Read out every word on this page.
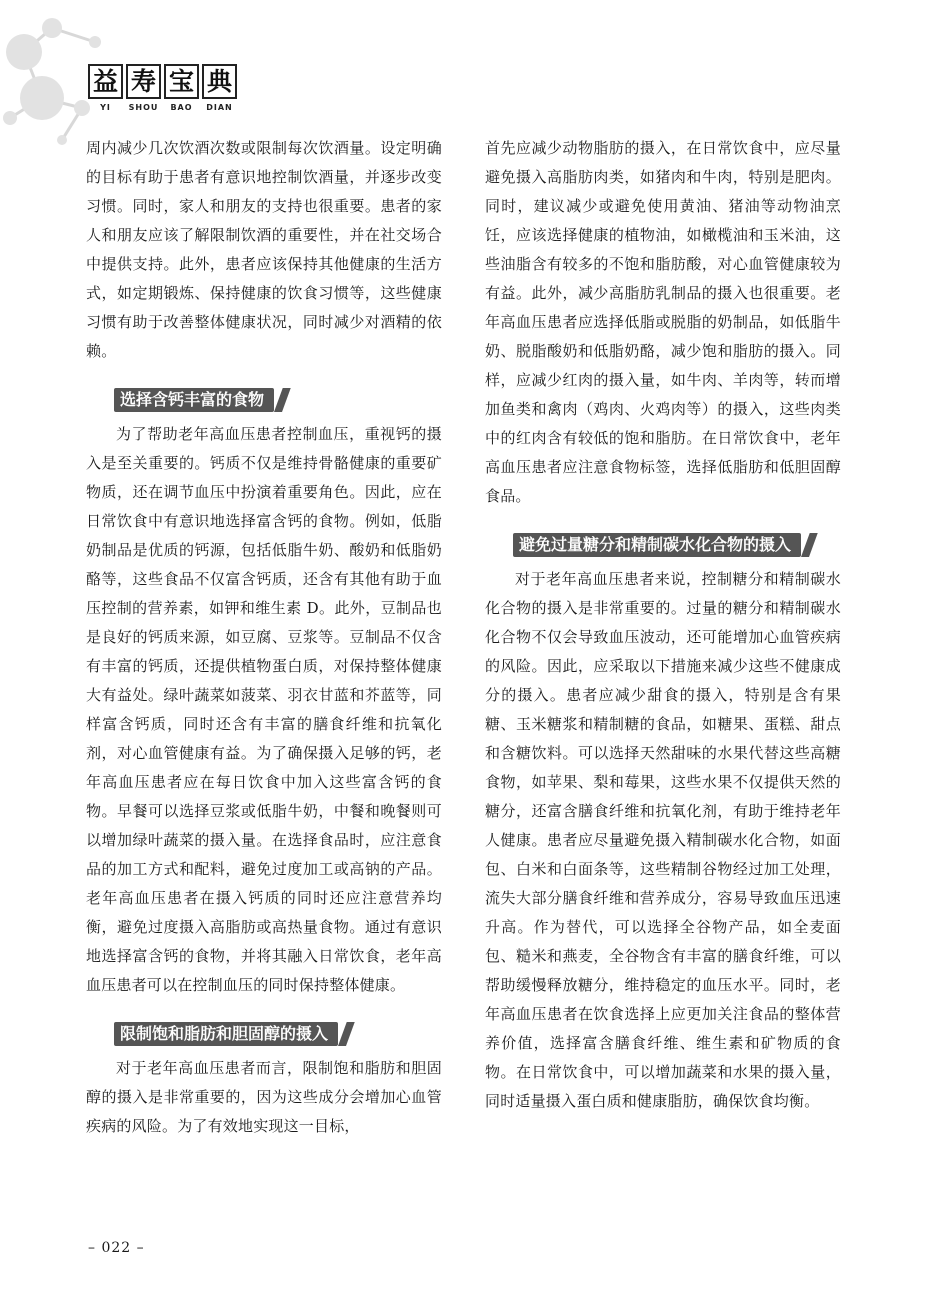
益 寿 宝 典
YI	SHOU	BAO	DIAN

周内减少几次饮酒次数或限制每次饮酒量。设定明确的目标有助于患者有意识地控制饮酒量，并逐步改变习惯。同时，家人和朋友的支持也很重要。患者的家人和朋友应该了解限制饮酒的重要性，并在社交场合中提供支持。此外，患者应该保持其他健康的生活方式，如定期锻炼、保持健康的饮食习惯等，这些健康习惯有助于改善整体健康状况，同时减少对酒精的依赖。

选择含钙丰富的食物

为了帮助老年高血压患者控制血压，重视钙的摄入是至关重要的。钙质不仅是维持骨骼健康的重要矿物质，还在调节血压中扮演着重要角色。因此，应在日常饮食中有意识地选择富含钙的食物。例如，低脂奶制品是优质的钙源，包括低脂牛奶、酸奶和低脂奶酪等，这些食品不仅富含钙质，还含有其他有助于血压控制的营养素，如钾和维生素 D。此外，豆制品也是良好的钙质来源，如豆腐、豆浆等。豆制品不仅含有丰富的钙质，还提供植物蛋白质，对保持整体健康大有益处。绿叶蔬菜如菠菜、羽衣甘蓝和芥蓝等，同样富含钙质，同时还含有丰富的膳食纤维和抗氧化剂，对心血管健康有益。为了确保摄入足够的钙，老年高血压患者应在每日饮食中加入这些富含钙的食物。早餐可以选择豆浆或低脂牛奶，中餐和晚餐则可以增加绿叶蔬菜的摄入量。在选择食品时，应注意食品的加工方式和配料，避免过度加工或高钠的产品。老年高血压患者在摄入钙质的同时还应注意营养均衡，避免过度摄入高脂肪或高热量食物。通过有意识地选择富含钙的食物，并将其融入日常饮食，老年高血压患者可以在控制血压的同时保持整体健康。

限制饱和脂肪和胆固醇的摄入

对于老年高血压患者而言，限制饱和脂肪和胆固醇的摄入是非常重要的，因为这些成分会增加心血管疾病的风险。为了有效地实现这一目标，

首先应减少动物脂肪的摄入，在日常饮食中，应尽量避免摄入高脂肪肉类，如猪肉和牛肉，特别是肥肉。同时，建议减少或避免使用黄油、猪油等动物油烹饪，应该选择健康的植物油，如橄榄油和玉米油，这些油脂含有较多的不饱和脂肪酸，对心血管健康较为有益。此外，减少高脂肪乳制品的摄入也很重要。老年高血压患者应选择低脂或脱脂的奶制品，如低脂牛奶、脱脂酸奶和低脂奶酪，减少饱和脂肪的摄入。同样，应减少红肉的摄入量，如牛肉、羊肉等，转而增加鱼类和禽肉（鸡肉、火鸡肉等）的摄入，这些肉类中的红肉含有较低的饱和脂肪。在日常饮食中，老年高血压患者应注意食物标签，选择低脂肪和低胆固醇食品。

避免过量糖分和精制碳水化合物的摄入

对于老年高血压患者来说，控制糖分和精制碳水化合物的摄入是非常重要的。过量的糖分和精制碳水化合物不仅会导致血压波动，还可能增加心血管疾病的风险。因此，应采取以下措施来减少这些不健康成分的摄入。患者应减少甜食的摄入，特别是含有果糖、玉米糖浆和精制糖的食品，如糖果、蛋糕、甜点和含糖饮料。可以选择天然甜味的水果代替这些高糖食物，如苹果、梨和莓果，这些水果不仅提供天然的糖分，还富含膳食纤维和抗氧化剂，有助于维持老年人健康。患者应尽量避免摄入精制碳水化合物，如面包、白米和白面条等，这些精制谷物经过加工处理，流失大部分膳食纤维和营养成分，容易导致血压迅速升高。作为替代，可以选择全谷物产品，如全麦面包、糙米和燕麦，全谷物含有丰富的膳食纤维，可以帮助缓慢释放糖分，维持稳定的血压水平。同时，老年高血压患者在饮食选择上应更加关注食品的整体营养价值，选择富含膳食纤维、维生素和矿物质的食物。在日常饮食中，可以增加蔬菜和水果的摄入量，同时适量摄入蛋白质和健康脂肪，确保饮食均衡。

– 022 –
